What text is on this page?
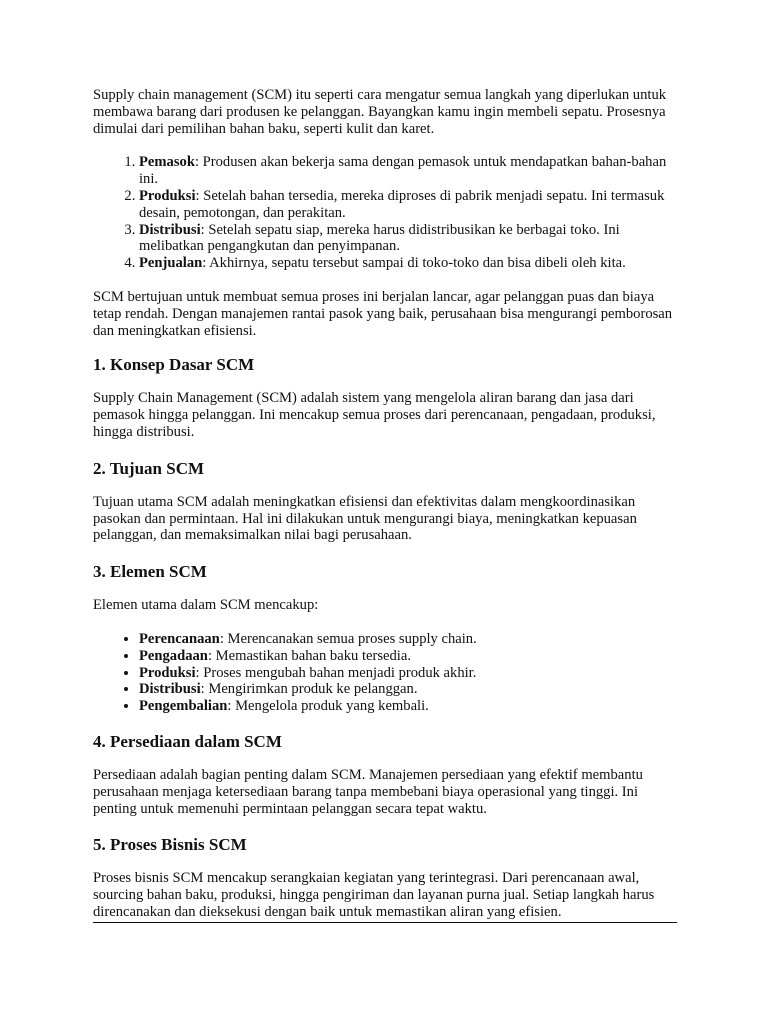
Supply chain management (SCM) itu seperti cara mengatur semua langkah yang diperlukan untuk membawa barang dari produsen ke pelanggan. Bayangkan kamu ingin membeli sepatu. Prosesnya dimulai dari pemilihan bahan baku, seperti kulit dan karet.

1. Pemasok: Produsen akan bekerja sama dengan pemasok untuk mendapatkan bahan-bahan ini.
2. Produksi: Setelah bahan tersedia, mereka diproses di pabrik menjadi sepatu. Ini termasuk desain, pemotongan, dan perakitan.
3. Distribusi: Setelah sepatu siap, mereka harus didistribusikan ke berbagai toko. Ini melibatkan pengangkutan dan penyimpanan.
4. Penjualan: Akhirnya, sepatu tersebut sampai di toko-toko dan bisa dibeli oleh kita.

SCM bertujuan untuk membuat semua proses ini berjalan lancar, agar pelanggan puas dan biaya tetap rendah. Dengan manajemen rantai pasok yang baik, perusahaan bisa mengurangi pemborosan dan meningkatkan efisiensi.

1. Konsep Dasar SCM

Supply Chain Management (SCM) adalah sistem yang mengelola aliran barang dan jasa dari pemasok hingga pelanggan. Ini mencakup semua proses dari perencanaan, pengadaan, produksi, hingga distribusi.

2. Tujuan SCM

Tujuan utama SCM adalah meningkatkan efisiensi dan efektivitas dalam mengkoordinasikan pasokan dan permintaan. Hal ini dilakukan untuk mengurangi biaya, meningkatkan kepuasan pelanggan, dan memaksimalkan nilai bagi perusahaan.

3. Elemen SCM

Elemen utama dalam SCM mencakup:

• Perencanaan: Merencanakan semua proses supply chain.
• Pengadaan: Memastikan bahan baku tersedia.
• Produksi: Proses mengubah bahan menjadi produk akhir.
• Distribusi: Mengirimkan produk ke pelanggan.
• Pengembalian: Mengelola produk yang kembali.
4. Persediaan dalam SCM

Persediaan adalah bagian penting dalam SCM. Manajemen persediaan yang efektif membantu perusahaan menjaga ketersediaan barang tanpa membebani biaya operasional yang tinggi. Ini penting untuk memenuhi permintaan pelanggan secara tepat waktu.

5. Proses Bisnis SCM

Proses bisnis SCM mencakup serangkaian kegiatan yang terintegrasi. Dari perencanaan awal, sourcing bahan baku, produksi, hingga pengiriman dan layanan purna jual. Setiap langkah harus direncanakan dan dieksekusi dengan baik untuk memastikan aliran yang efisien.
